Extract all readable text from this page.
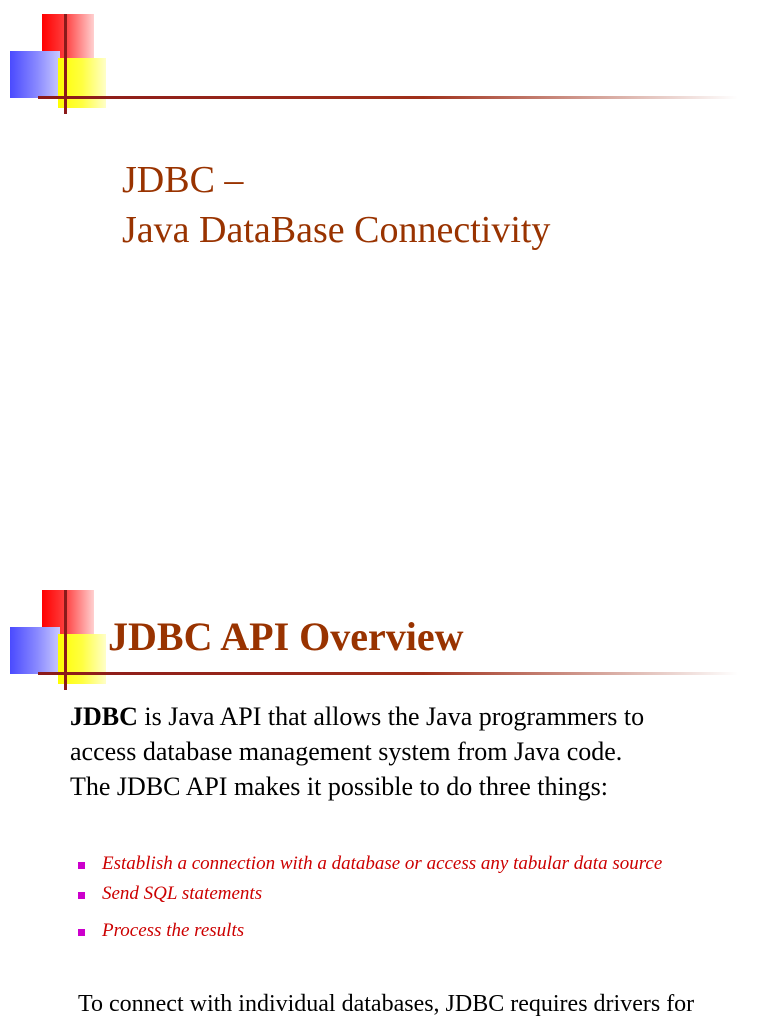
JDBC –
Java DataBase Connectivity
JDBC API Overview
JDBC is Java API that allows the Java programmers to
access database management system from Java code.
The JDBC API makes it possible to do three things:
Establish a connection with a database or access any tabular data source
Send SQL statements
Process the results
To connect with individual databases, JDBC requires drivers for
